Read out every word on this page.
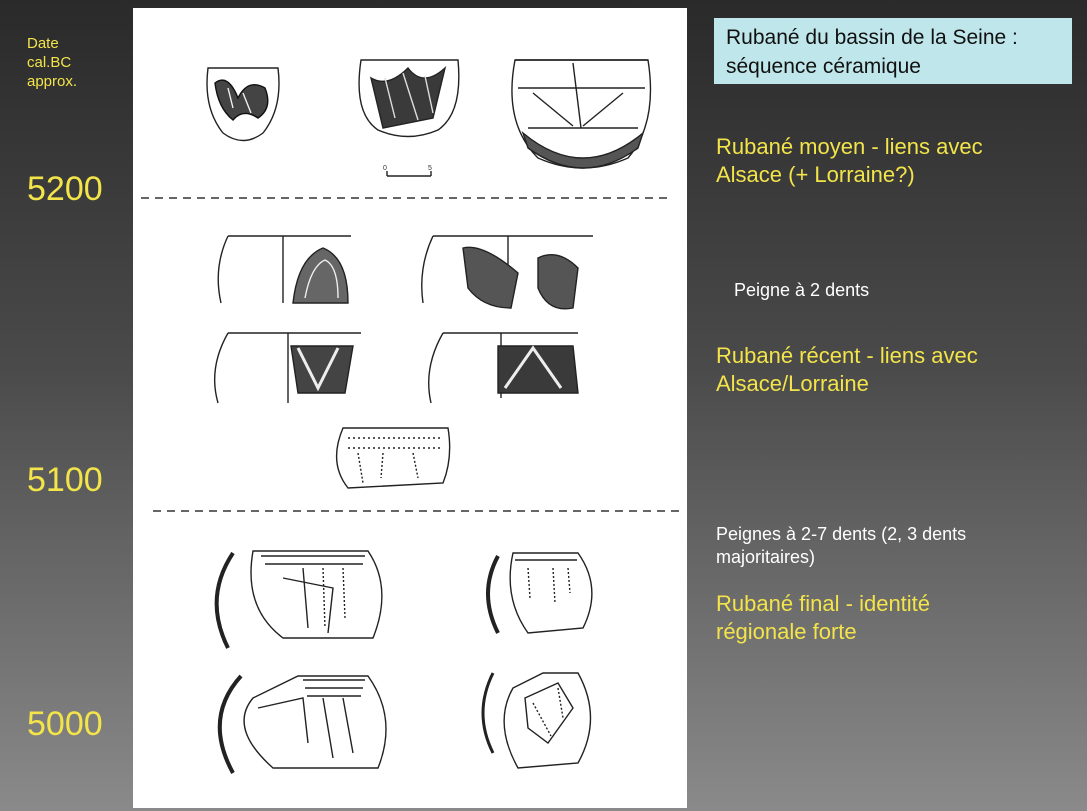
Date
cal.BC
approx.
5200
5100
5000
0	5
Rubané du bassin de la Seine :
séquence céramique
Rubané moyen - liens avec
Alsace (+ Lorraine?)
Peigne à 2 dents
Rubané récent - liens avec
Alsace/Lorraine
Peignes à 2-7 dents (2, 3 dents
majoritaires)
Rubané final - identité
régionale forte
